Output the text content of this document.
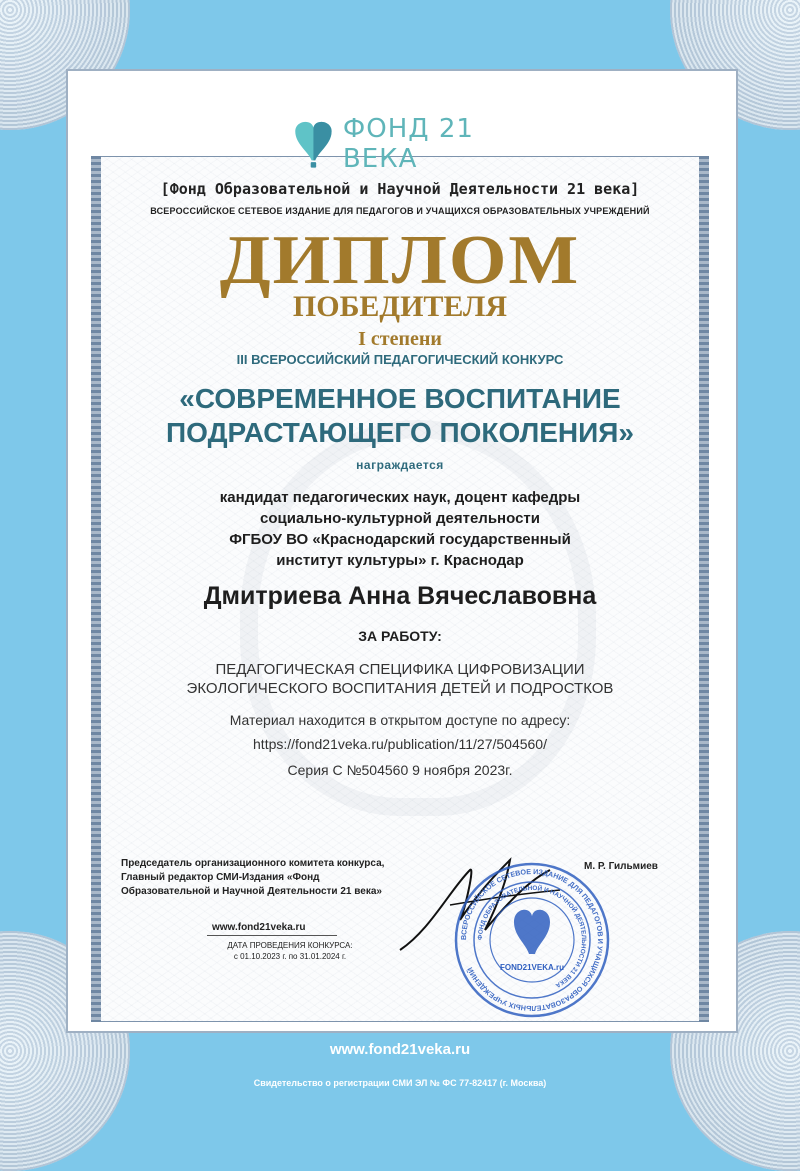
ФОНД 21 ВЕКА
[Фонд Образовательной и Научной Деятельности 21 века]
ВСЕРОССИЙСКОЕ СЕТЕВОЕ ИЗДАНИЕ ДЛЯ ПЕДАГОГОВ И УЧАЩИХСЯ ОБРАЗОВАТЕЛЬНЫХ УЧРЕЖДЕНИЙ
ДИПЛОМ
ПОБЕДИТЕЛЯ
I степени
III ВСЕРОССИЙСКИЙ ПЕДАГОГИЧЕСКИЙ КОНКУРС
«СОВРЕМЕННОЕ ВОСПИТАНИЕ
ПОДРАСТАЮЩЕГО ПОКОЛЕНИЯ»
награждается
кандидат педагогических наук, доцент кафедры
социально-культурной деятельности
ФГБОУ ВО «Краснодарский государственный
институт культуры» г. Краснодар
Дмитриева Анна Вячеславовна
ЗА РАБОТУ:
ПЕДАГОГИЧЕСКАЯ СПЕЦИФИКА ЦИФРОВИЗАЦИИ
ЭКОЛОГИЧЕСКОГО ВОСПИТАНИЯ ДЕТЕЙ И ПОДРОСТКОВ
Материал находится в открытом доступе по адресу:
https://fond21veka.ru/publication/11/27/504560/
Серия С №504560 9 ноября 2023г.
Председатель организационного комитета конкурса,
Главный редактор СМИ-Издания «Фонд
Образовательной и Научной Деятельности 21 века»
www.fond21veka.ru
ДАТА ПРОВЕДЕНИЯ КОНКУРСА:
с 01.10.2023 г. по 31.01.2024 г.
М. Р. Гильмиев
ВСЕРОССИЙСКОЕ СЕТЕВОЕ ИЗДАНИЕ ДЛЯ ПЕДАГОГОВ И УЧАЩИХСЯ ОБРАЗОВАТЕЛЬНЫХ УЧРЕЖДЕНИЙ
ФОНД ОБРАЗОВАТЕЛЬНОЙ И НАУЧНОЙ ДЕЯТЕЛЬНОСТИ 21 ВЕКА
FOND21VEKA.ru
www.fond21veka.ru
Свидетельство о регистрации СМИ ЭЛ № ФС 77-82417 (г. Москва)
